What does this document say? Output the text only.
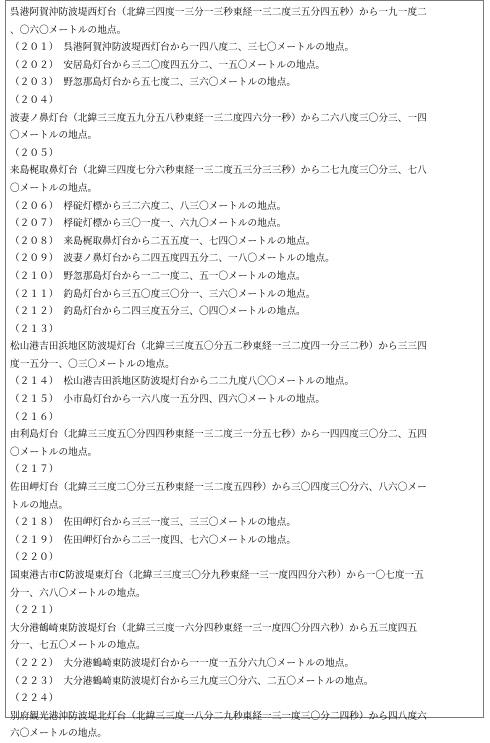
呉港阿賀沖防波堤西灯台（北緯三四度一三分一三秒東経一三二度三五分四五秒）から一九一度二
、〇六〇メートルの地点。
（２０１）　呉港阿賀沖防波堤西灯台から一四八度二、三七〇メートルの地点。
（２０２）　安居島灯台から三二〇度四五分二、一五〇メートルの地点。
（２０３）　野忽那島灯台から五七度二、三六〇メートルの地点。
（２０４）
波妻ノ鼻灯台（北緯三三度五九分五八秒東経一三二度四六分一秒）から二六八度三〇分三、一四
〇メートルの地点。
（２０５）
来島梶取鼻灯台（北緯三四度七分六秒東経一三二度五三分三三秒）から二七九度三〇分三、七八
〇メートルの地点。
（２０６）　桴碇灯標から三二六度二、八三〇メートルの地点。
（２０７）　桴碇灯標から三〇一度一、六九〇メートルの地点。
（２０８）　来島梶取鼻灯台から二五五度一、七四〇メートルの地点。
（２０９）　波妻ノ鼻灯台から二四五度四五分二、一八〇メートルの地点。
（２１０）　野忽那島灯台から一二一度二、五一〇メートルの地点。
（２１１）　釣島灯台から三五〇度三〇分一、三六〇メートルの地点。
（２１２）　釣島灯台から二四三度五分三、〇四〇メートルの地点。
（２１３）
松山港吉田浜地区防波堤灯台（北緯三三度五〇分五二秒東経一三二度四一分三二秒）から三三四
度一五分一、〇三〇メートルの地点。
（２１４）　松山港吉田浜地区防波堤灯台から二二九度八〇〇メートルの地点。
（２１５）　小市島灯台から一六八度一五分四、四六〇メートルの地点。
（２１６）
由利島灯台（北緯三三度五〇分四四秒東経一三二度三一分五七秒）から一四四度三〇分二、五四
〇メートルの地点。
（２１７）
佐田岬灯台（北緯三三度二〇分三五秒東経一三二度五四秒）から三〇四度三〇分六、八六〇メー
トルの地点。
（２１８）　佐田岬灯台から三三一度三、三三〇メートルの地点。
（２１９）　佐田岬灯台から二三一度四、七六〇メートルの地点。
（２２０）
国東港古市C防波堤東灯台（北緯三三度三〇分九秒東経一三一度四四分六秒）から一〇七度一五
分一、六八〇メートルの地点。
（２２１）
大分港鶴崎東防波堤灯台（北緯三三度一六分四秒東経一三一度四〇分四六秒）から五三度四五
分一、七五〇メートルの地点。
（２２２）　大分港鶴崎東防波堤灯台から一一度一五分六九〇メートルの地点。
（２２３）　大分港鶴崎東防波堤灯台から三九度三〇分六、二五〇メートルの地点。
（２２４）
別府観光港沖防波堤北灯台（北緯三三度一八分二九秒東経一三一度三〇分二四秒）から四八度六
六〇メートルの地点。
